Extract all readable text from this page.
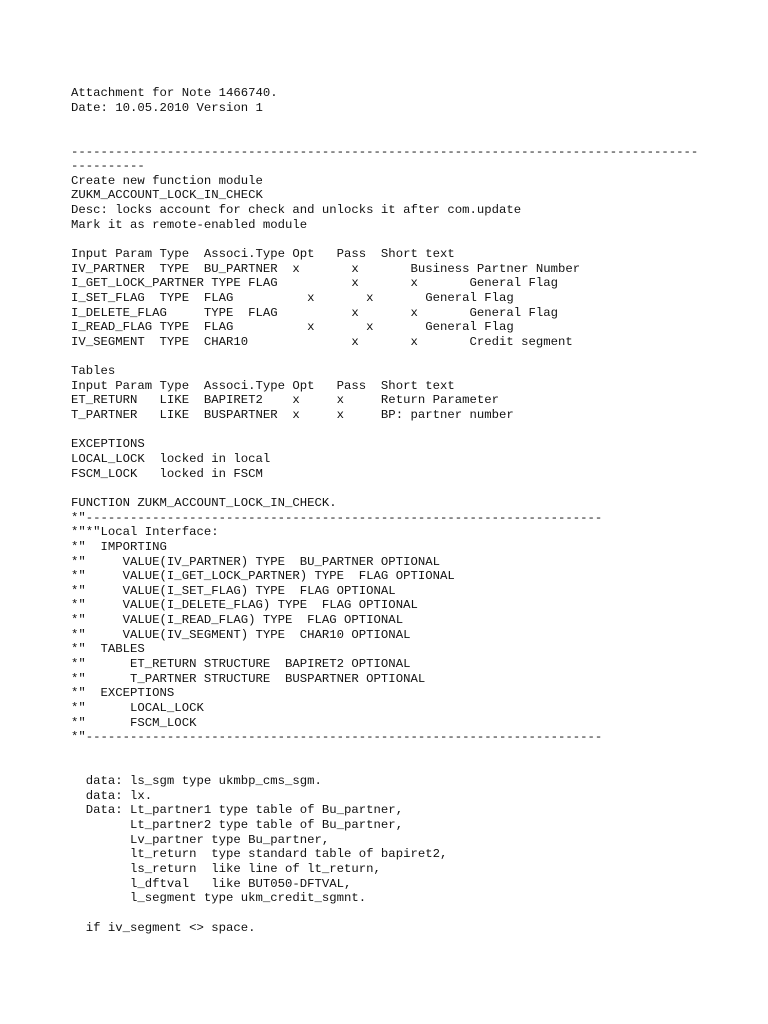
Attachment for Note 1466740.
Date: 10.05.2010 Version 1
-------------------------------------------------------------------------------------
----------
Create new function module
ZUKM_ACCOUNT_LOCK_IN_CHECK
Desc: locks account for check and unlocks it after com.update
Mark it as remote-enabled module
Input Param Type  Associ.Type Opt   Pass  Short text
IV_PARTNER  TYPE  BU_PARTNER  x       x       Business Partner Number
I_GET_LOCK_PARTNER TYPE FLAG          x       x       General Flag
I_SET_FLAG  TYPE  FLAG          x       x       General Flag
I_DELETE_FLAG     TYPE  FLAG          x       x       General Flag
I_READ_FLAG TYPE  FLAG          x       x       General Flag
IV_SEGMENT  TYPE  CHAR10              x       x       Credit segment
Tables
Input Param Type  Associ.Type Opt   Pass  Short text
ET_RETURN   LIKE  BAPIRET2    x     x     Return Parameter
T_PARTNER   LIKE  BUSPARTNER  x     x     BP: partner number
EXCEPTIONS
LOCAL_LOCK  locked in local
FSCM_LOCK   locked in FSCM
FUNCTION ZUKM_ACCOUNT_LOCK_IN_CHECK.
*"----------------------------------------------------------------------
*"*"Local Interface:
*"  IMPORTING
*"     VALUE(IV_PARTNER) TYPE  BU_PARTNER OPTIONAL
*"     VALUE(I_GET_LOCK_PARTNER) TYPE  FLAG OPTIONAL
*"     VALUE(I_SET_FLAG) TYPE  FLAG OPTIONAL
*"     VALUE(I_DELETE_FLAG) TYPE  FLAG OPTIONAL
*"     VALUE(I_READ_FLAG) TYPE  FLAG OPTIONAL
*"     VALUE(IV_SEGMENT) TYPE  CHAR10 OPTIONAL
*"  TABLES
*"      ET_RETURN STRUCTURE  BAPIRET2 OPTIONAL
*"      T_PARTNER STRUCTURE  BUSPARTNER OPTIONAL
*"  EXCEPTIONS
*"      LOCAL_LOCK
*"      FSCM_LOCK
*"----------------------------------------------------------------------
data: ls_sgm type ukmbp_cms_sgm.
data: lx.
Data: Lt_partner1 type table of Bu_partner,
Lt_partner2 type table of Bu_partner,
Lv_partner type Bu_partner,
lt_return  type standard table of bapiret2,
ls_return  like line of lt_return,
l_dftval   like BUT050-DFTVAL,
l_segment type ukm_credit_sgmnt.
if iv_segment <> space.
